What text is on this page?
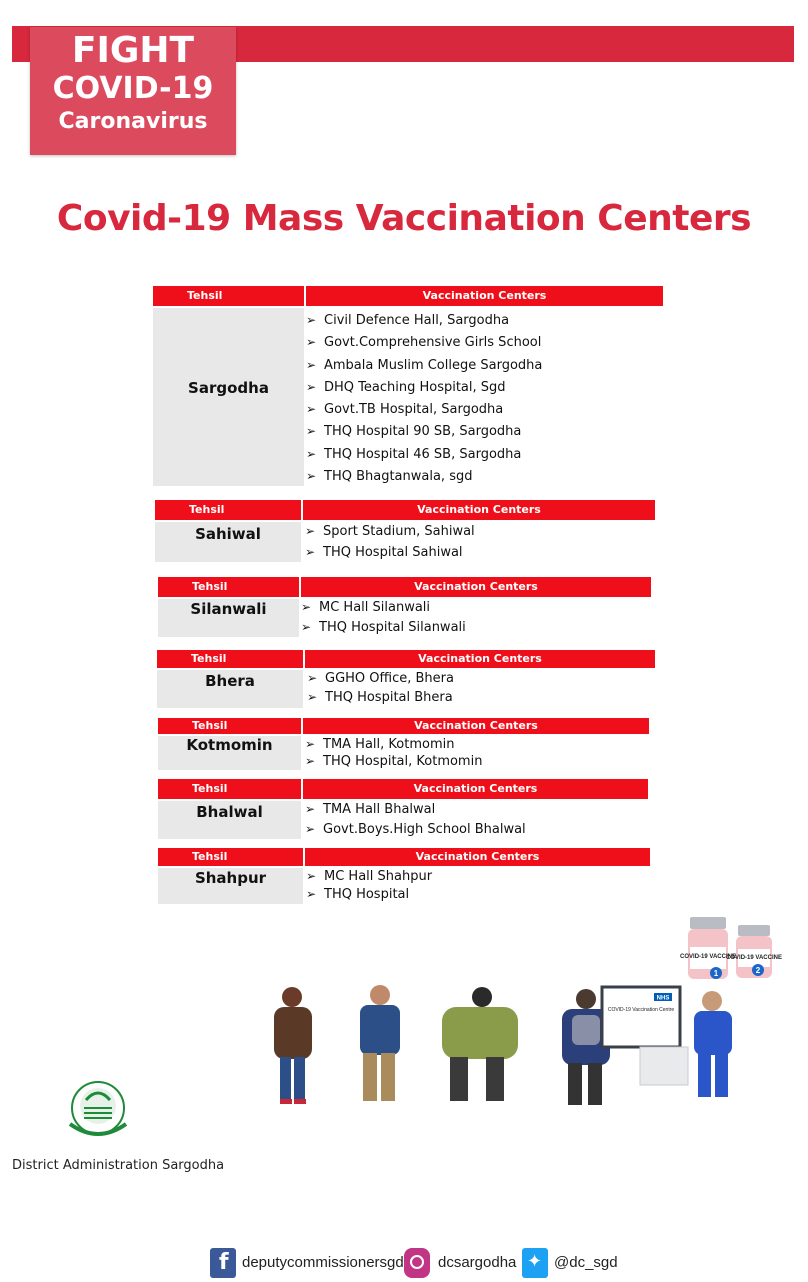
FIGHT
COVID-19
Caronavirus
Covid-19 Mass Vaccination Centers
Tehsil	Vaccination Centers
Sargodha
➢ Civil Defence Hall, Sargodha
➢ Govt.Comprehensive Girls School
➢ Ambala Muslim College Sargodha
➢ DHQ Teaching Hospital, Sgd
➢ Govt.TB Hospital, Sargodha
➢ THQ Hospital 90 SB, Sargodha
➢ THQ Hospital 46 SB, Sargodha
➢ THQ Bhagtanwala, sgd
Tehsil	Vaccination Centers
Sahiwal	➢ Sport Stadium, Sahiwal
➢ THQ Hospital Sahiwal
Tehsil	Vaccination Centers
Silanwali	➢ MC Hall Silanwali
➢ THQ Hospital Silanwali
Tehsil	Vaccination Centers
Bhera	➢ GGHO Office, Bhera
➢ THQ Hospital Bhera
Tehsil	Vaccination Centers
Kotmomin	➢ TMA Hall, Kotmomin
➢ THQ Hospital, Kotmomin
Tehsil	Vaccination Centers
Bhalwal	➢ TMA Hall Bhalwal
➢ Govt.Boys.High School Bhalwal
Tehsil	Vaccination Centers
Shahpur	➢ MC Hall Shahpur
➢ THQ Hospital
COVID-19 VACCINE
1
COVID-19 VACCINE
2
NHS
COVID-19 Vaccination Centre
District Administration Sargodha
f deputycommissionersgd dcsargodha ✦ @dc_sgd
